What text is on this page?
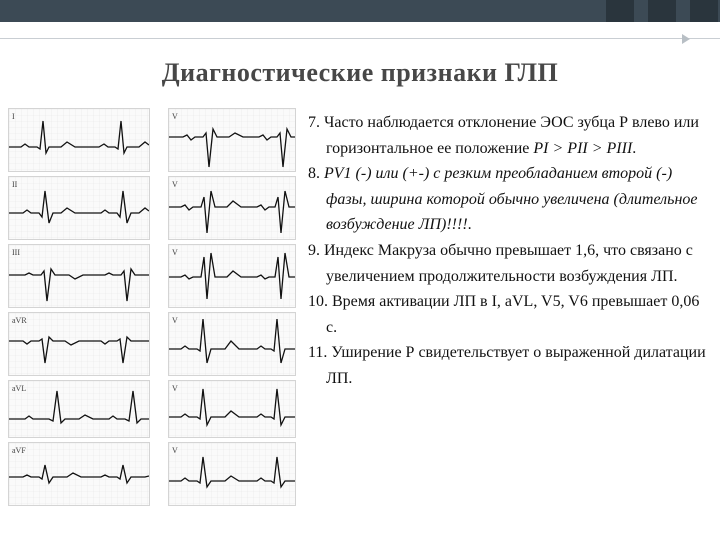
Диагностические признаки ГЛП
I
II
III
aVR
aVL
aVF
V
V
V
V
V
V

7. Часто наблюдается отклонение ЭОС зубца Р влево или горизонтальное ее положение PI > PII > PIII.

8. PV1 (-) или (+-) с резким преобладанием второй (-) фазы, ширина которой обычно увеличена (длительное возбуждение ЛП)!!!!.

9. Индекс Макруза обычно превышает 1,6, что связано с увеличением продолжительности возбуждения ЛП.

10. Время активации ЛП в I, aVL, V5, V6 превышает 0,06 с.

11. Уширение Р свидетельствует о выраженной дилатации ЛП.
